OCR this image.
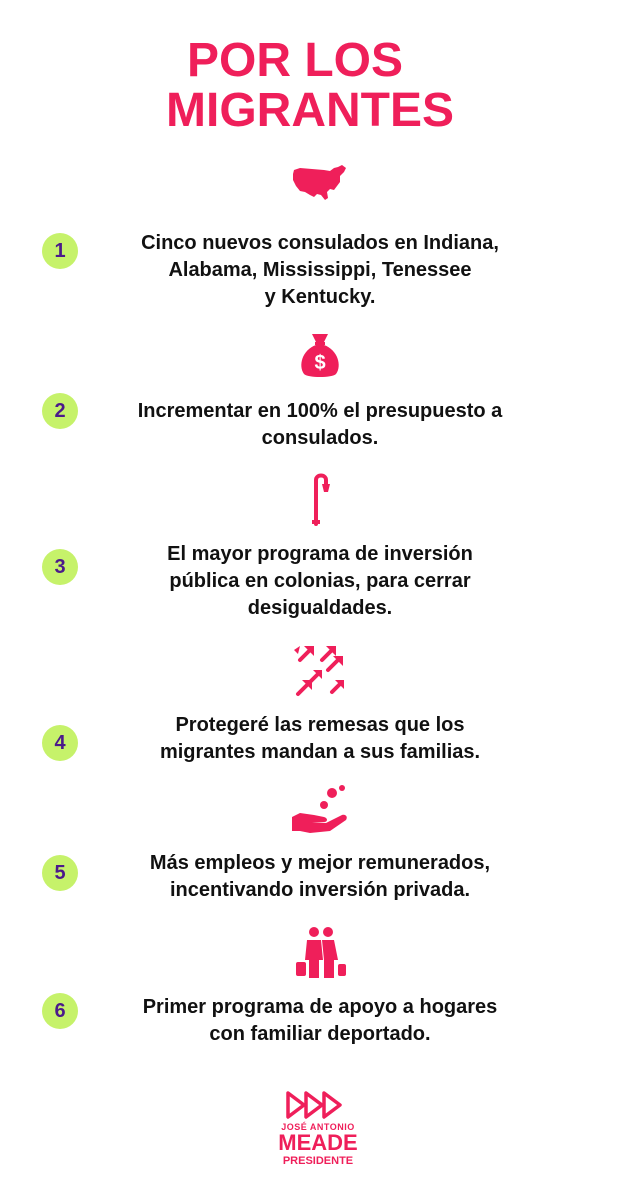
POR LOS
MIGRANTES
1	Cinco nuevos consulados en Indiana,
Alabama, Mississippi, Tenessee
y Kentucky.
$
2	Incrementar en 100% el presupuesto a
consulados.
3
El mayor programa de inversión
pública en colonias, para cerrar
desigualdades.
4
Protegeré las remesas que los
migrantes mandan a sus familias.
5	Más empleos y mejor remunerados,
incentivando inversión privada.
6	Primer programa de apoyo a hogares
con familiar deportado.
JOSÉ ANTONIO
MEADE
PRESIDENTE
